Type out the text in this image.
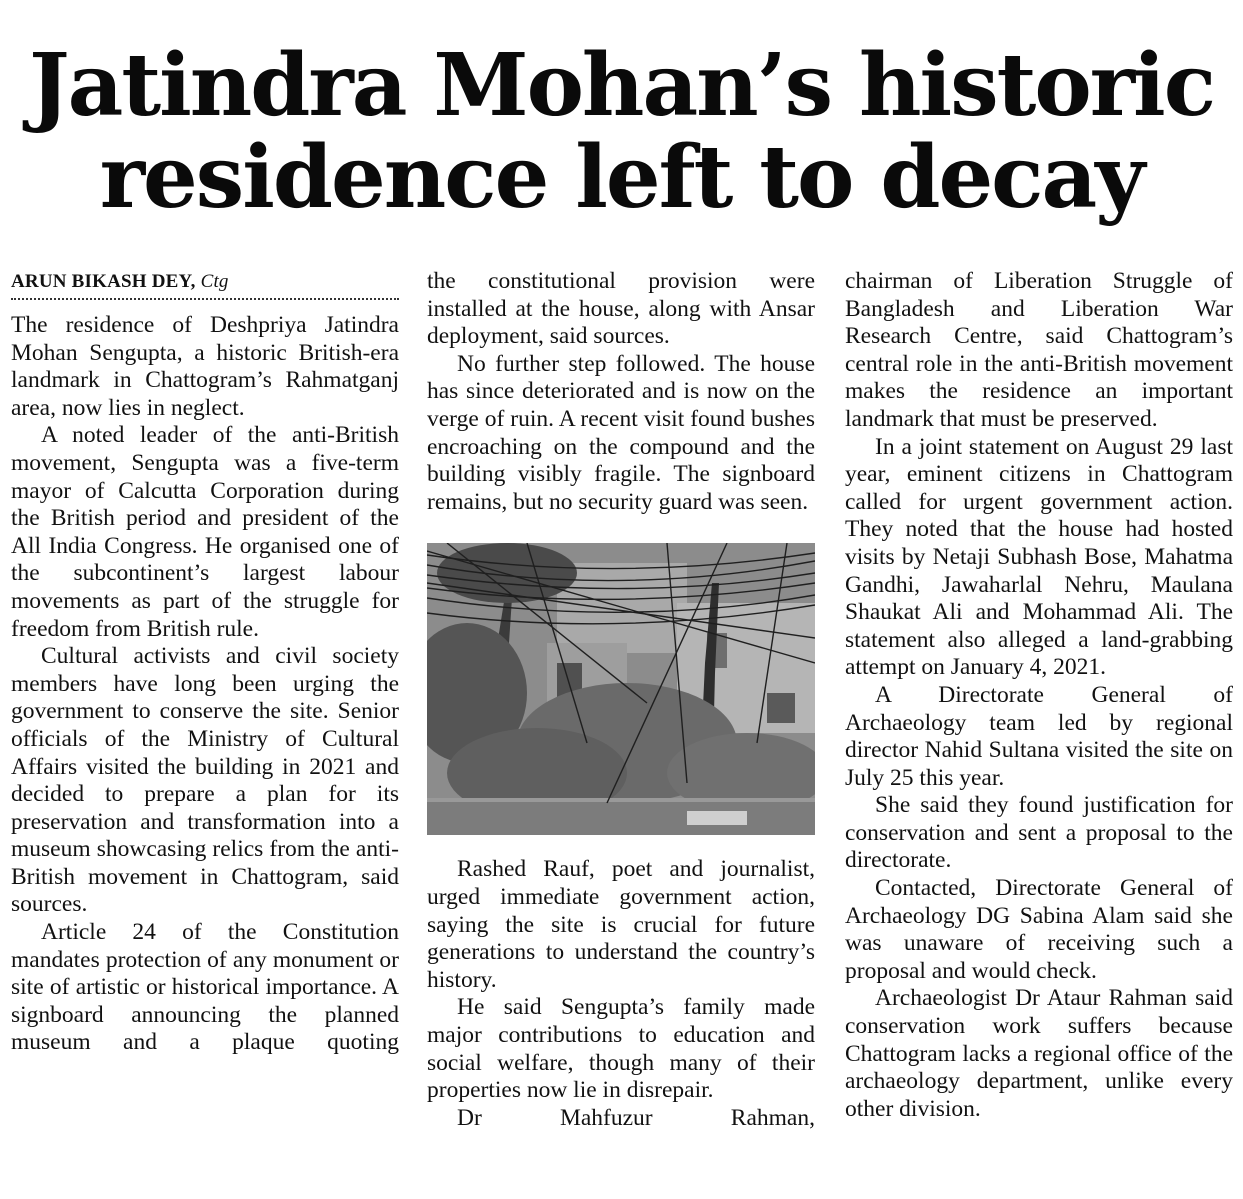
Jatindra Mohan’s historic
residence left to decay
ARUN BIKASH DEY, Ctg

The residence of Deshpriya Jatindra Mohan Sengupta, a historic British-era landmark in Chattogram’s Rahmatganj area, now lies in neglect.

A noted leader of the anti-British movement, Sengupta was a five-term mayor of Calcutta Corporation during the British period and president of the All India Congress. He organised one of the subcontinent’s largest labour movements as part of the struggle for freedom from British rule.

Cultural activists and civil society members have long been urging the government to conserve the site. Senior officials of the Ministry of Cultural Affairs visited the building in 2021 and decided to prepare a plan for its preservation and transformation into a museum showcasing relics from the anti-British movement in Chattogram, said sources.

Article 24 of the Constitution mandates protection of any monument or site of artistic or historical importance. A signboard announcing the planned museum and a plaque quoting

the constitutional provision were installed at the house, along with Ansar deployment, said sources.

No further step followed. The house has since deteriorated and is now on the verge of ruin. A recent visit found bushes encroaching on the compound and the building visibly fragile. The signboard remains, but no security guard was seen.

Rashed Rauf, poet and journalist, urged immediate government action, saying the site is crucial for future generations to understand the country’s history.

He said Sengupta’s family made major contributions to education and social welfare, though many of their properties now lie in disrepair.

Dr Mahfuzur Rahman,

chairman of Liberation Struggle of Bangladesh and Liberation War Research Centre, said Chattogram’s central role in the anti-British movement makes the residence an important landmark that must be preserved.

In a joint statement on August 29 last year, eminent citizens in Chattogram called for urgent government action. They noted that the house had hosted visits by Netaji Subhash Bose, Mahatma Gandhi, Jawaharlal Nehru, Maulana Shaukat Ali and Mohammad Ali. The statement also alleged a land-grabbing attempt on January 4, 2021.

A Directorate General of Archaeology team led by regional director Nahid Sultana visited the site on July 25 this year.

She said they found justification for conservation and sent a proposal to the directorate.

Contacted, Directorate General of Archaeology DG Sabina Alam said she was unaware of receiving such a proposal and would check.

Archaeologist Dr Ataur Rahman said conservation work suffers because Chattogram lacks a regional office of the archaeology department, unlike every other division.
